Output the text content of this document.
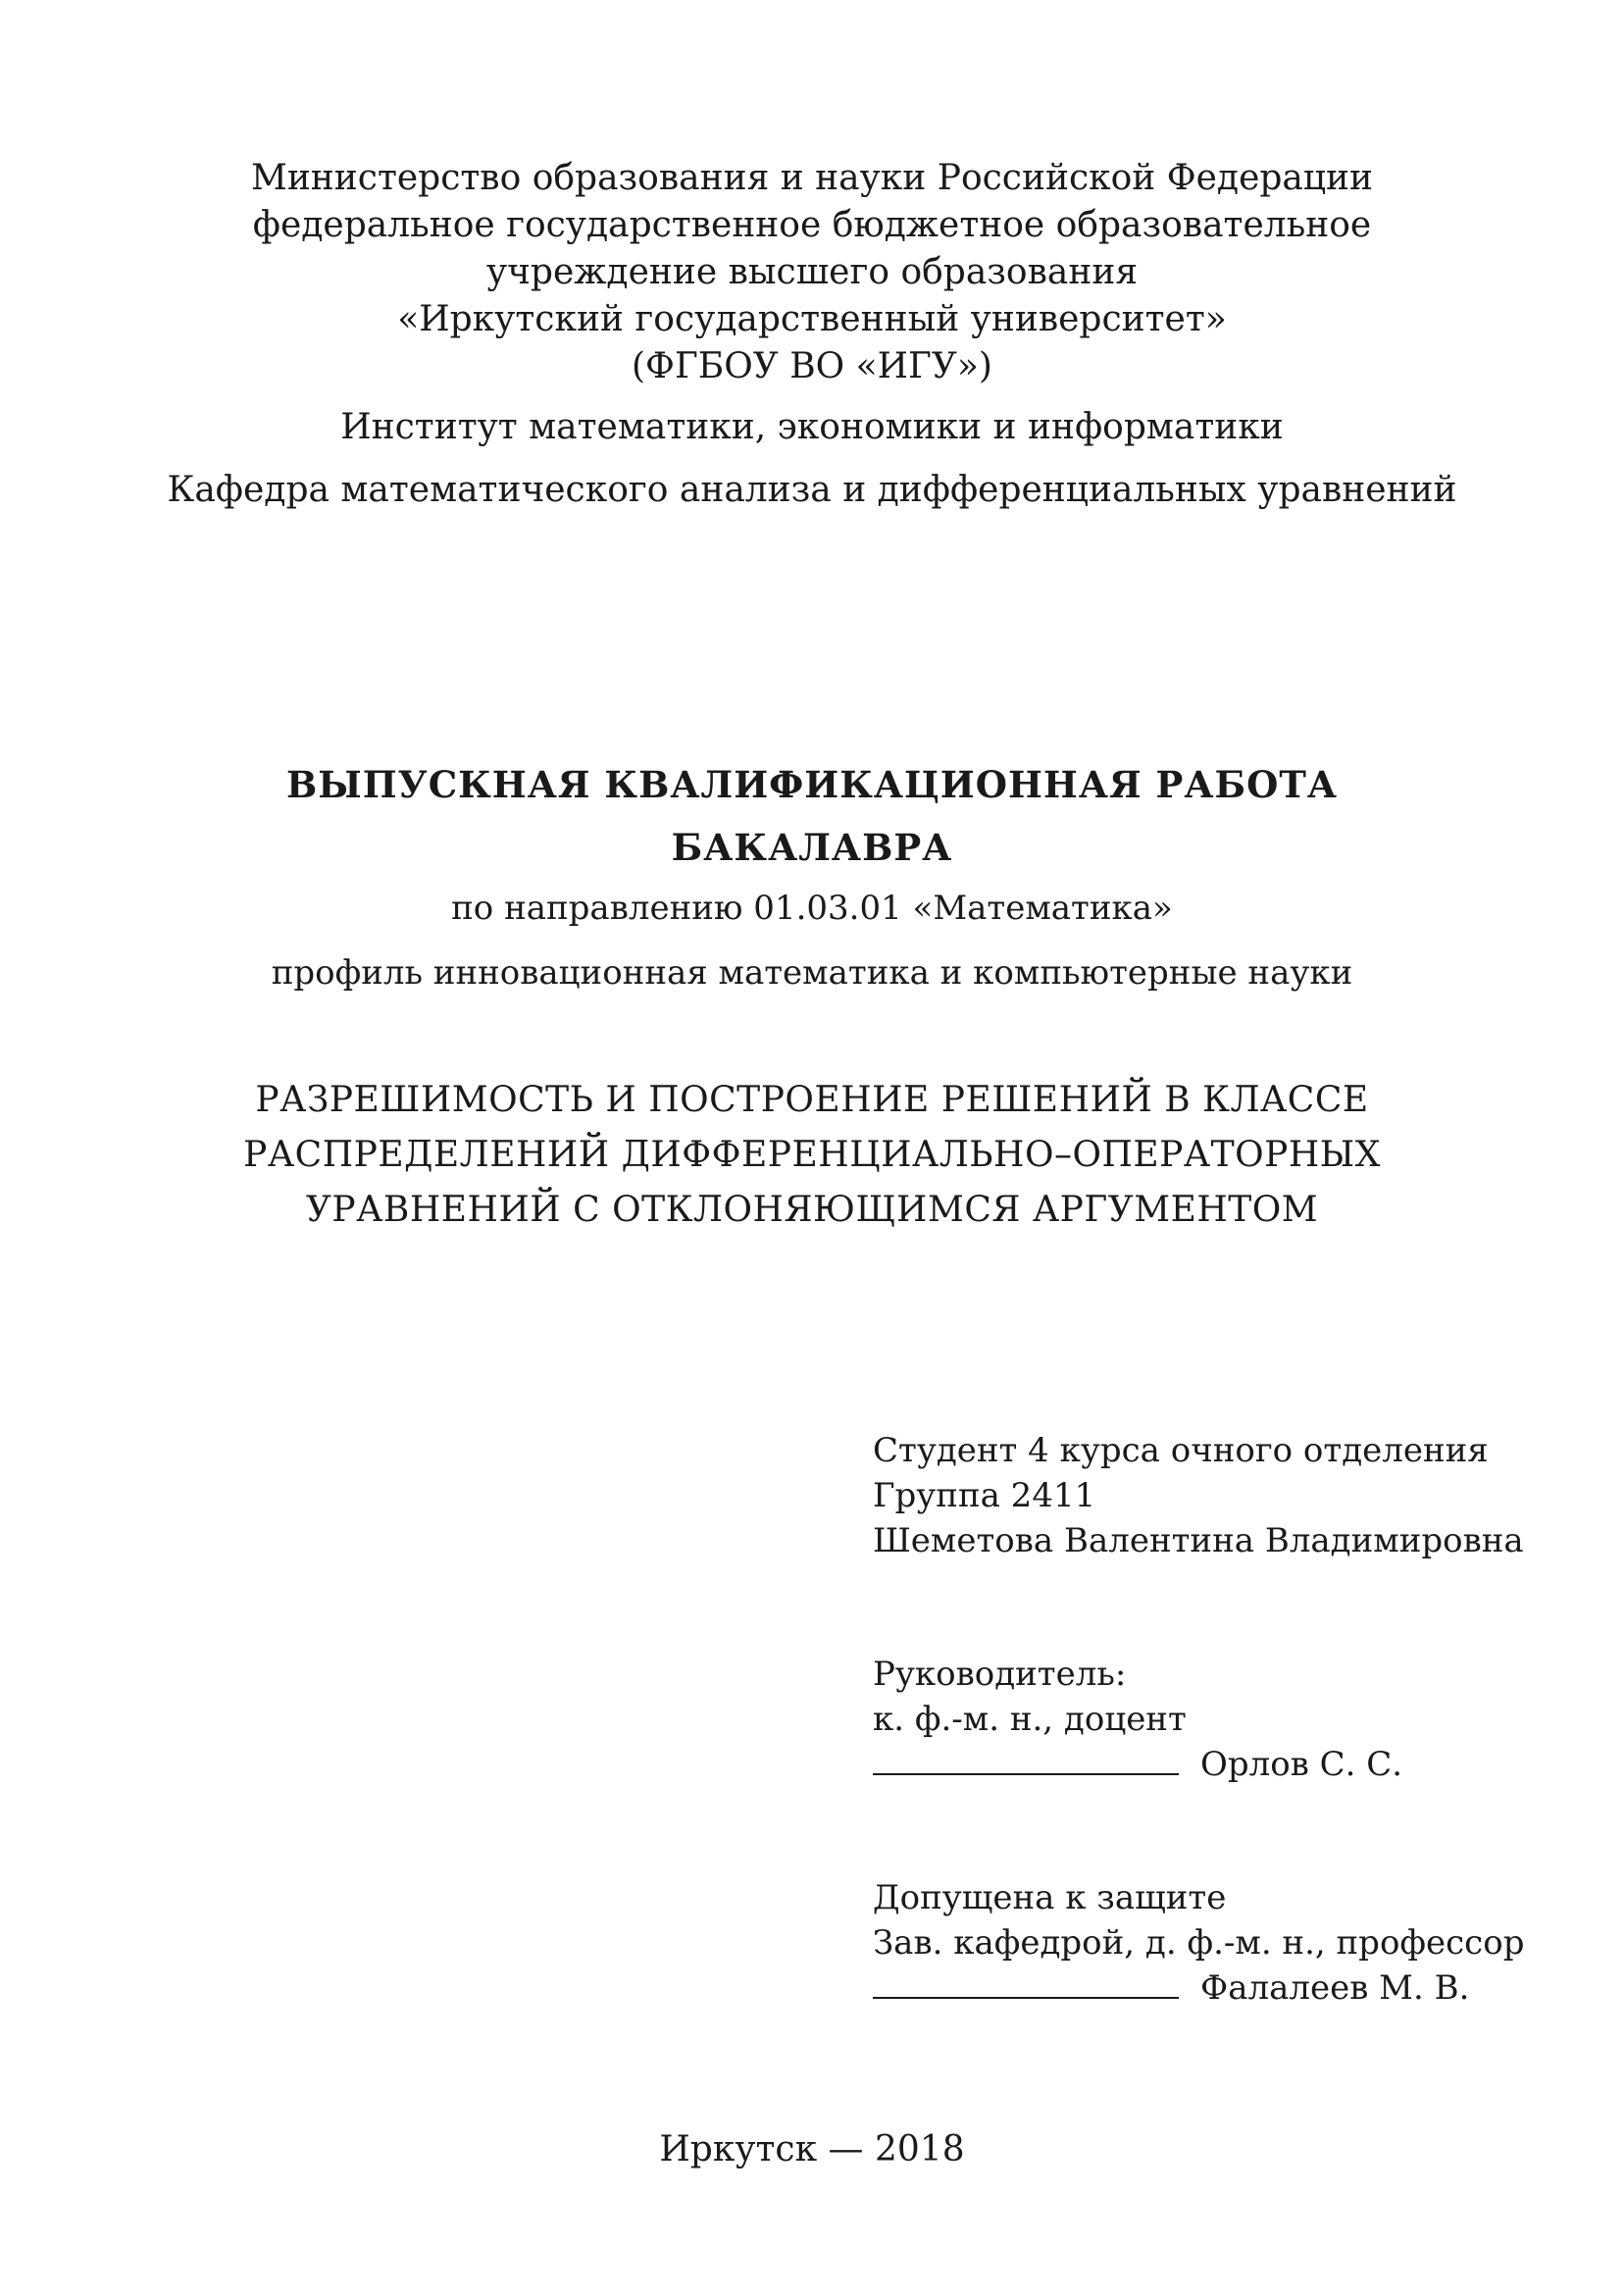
Министерство образования и науки Российской Федерации
федеральное государственное бюджетное образовательное
учреждение высшего образования
«Иркутский государственный университет»
(ФГБОУ ВО «ИГУ»)
Институт математики, экономики и информатики
Кафедра математического анализа и дифференциальных уравнений
ВЫПУСКНАЯ КВАЛИФИКАЦИОННАЯ РАБОТА
БАКАЛАВРА
по направлению 01.03.01 «Математика»
профиль инновационная математика и компьютерные науки
РАЗРЕШИМОСТЬ И ПОСТРОЕНИЕ РЕШЕНИЙ В КЛАССЕ
РАСПРЕДЕЛЕНИЙ ДИФФЕРЕНЦИАЛЬНО–ОПЕРАТОРНЫХ
УРАВНЕНИЙ С ОТКЛОНЯЮЩИМСЯ АРГУМЕНТОМ
Студент 4 курса очного отделения
Группа 2411
Шеметова Валентина Владимировна
Руководитель:
к. ф.-м. н., доцент
Орлов С. С.
Допущена к защите
Зав. кафедрой, д. ф.-м. н., профессор
Фалалеев М. В.
Иркутск — 2018
